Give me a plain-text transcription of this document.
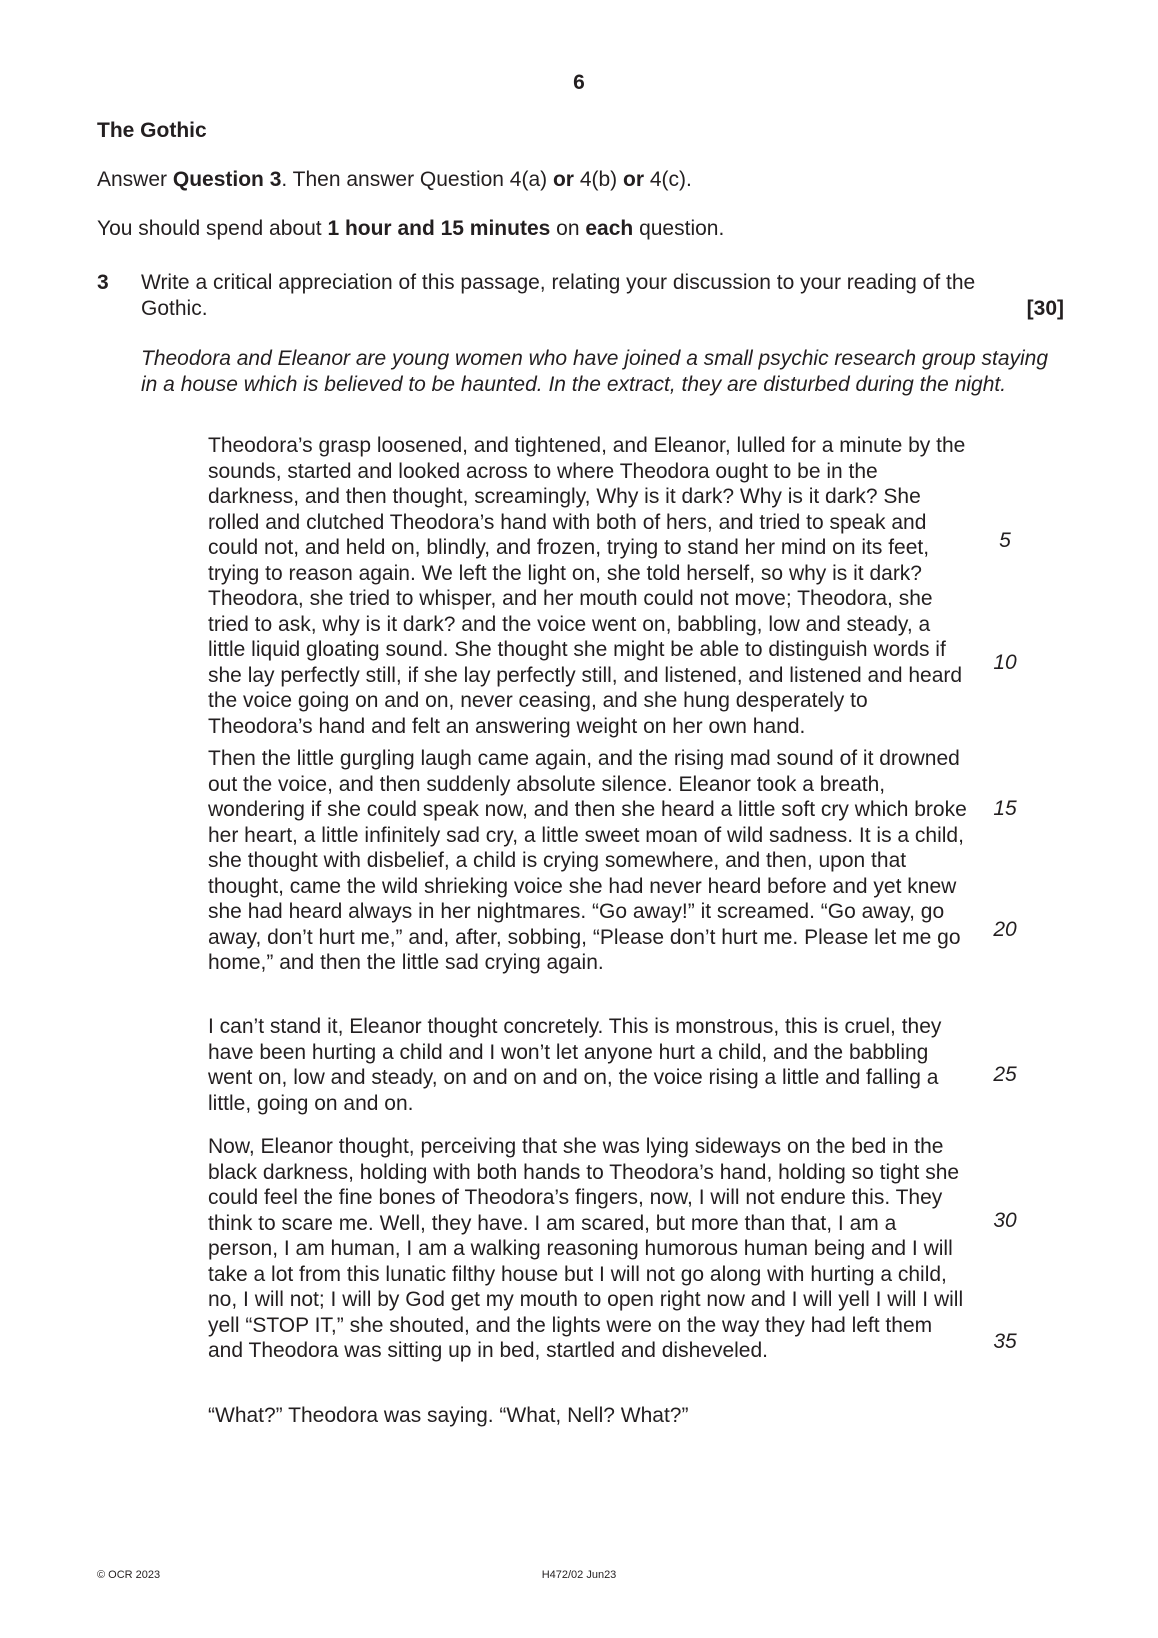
6

The Gothic

Answer Question 3. Then answer Question 4(a) or 4(b) or 4(c).

You should spend about 1 hour and 15 minutes on each question.

3 Write a critical appreciation of this passage, relating your discussion to your reading of the Gothic.	[30]

Theodora and Eleanor are young women who have joined a small psychic research group staying in a house which is believed to be haunted. In the extract, they are disturbed during the night.

Theodora’s grasp loosened, and tightened, and Eleanor, lulled for a minute by the sounds, started and looked across to where Theodora ought to be in the darkness, and then thought, screamingly, Why is it dark? Why is it dark? She rolled and clutched Theodora’s hand with both of hers, and tried to speak and could not, and held on, blindly, and frozen, trying to stand her mind on its feet, trying to reason again. We left the light on, she told herself, so why is it dark? Theodora, she tried to whisper, and her mouth could not move; Theodora, she tried to ask, why is it dark? and the voice went on, babbling, low and steady, a little liquid gloating sound. She thought she might be able to distinguish words if she lay perfectly still, if she lay perfectly still, and listened, and listened and heard the voice going on and on, never ceasing, and she hung desperately to Theodora’s hand and felt an answering weight on her own hand.

Then the little gurgling laugh came again, and the rising mad sound of it drowned out the voice, and then suddenly absolute silence. Eleanor took a breath, wondering if she could speak now, and then she heard a little soft cry which broke her heart, a little infinitely sad cry, a little sweet moan of wild sadness. It is a child, she thought with disbelief, a child is crying somewhere, and then, upon that thought, came the wild shrieking voice she had never heard before and yet knew she had heard always in her nightmares. “Go away!” it screamed. “Go away, go away, don’t hurt me,” and, after, sobbing, “Please don’t hurt me. Please let me go home,” and then the little sad crying again.

I can’t stand it, Eleanor thought concretely. This is monstrous, this is cruel, they have been hurting a child and I won’t let anyone hurt a child, and the babbling went on, low and steady, on and on and on, the voice rising a little and falling a little, going on and on.

Now, Eleanor thought, perceiving that she was lying sideways on the bed in the black darkness, holding with both hands to Theodora’s hand, holding so tight she could feel the fine bones of Theodora’s fingers, now, I will not endure this. They think to scare me. Well, they have. I am scared, but more than that, I am a person, I am human, I am a walking reasoning humorous human being and I will take a lot from this lunatic filthy house but I will not go along with hurting a child, no, I will not; I will by God get my mouth to open right now and I will yell I will I will yell “STOP IT,” she shouted, and the lights were on the way they had left them and Theodora was sitting up in bed, startled and disheveled.

“What?” Theodora was saying. “What, Nell? What?”

5

10

15

20

25

30

35

© OCR 2023	H472/02 Jun23
